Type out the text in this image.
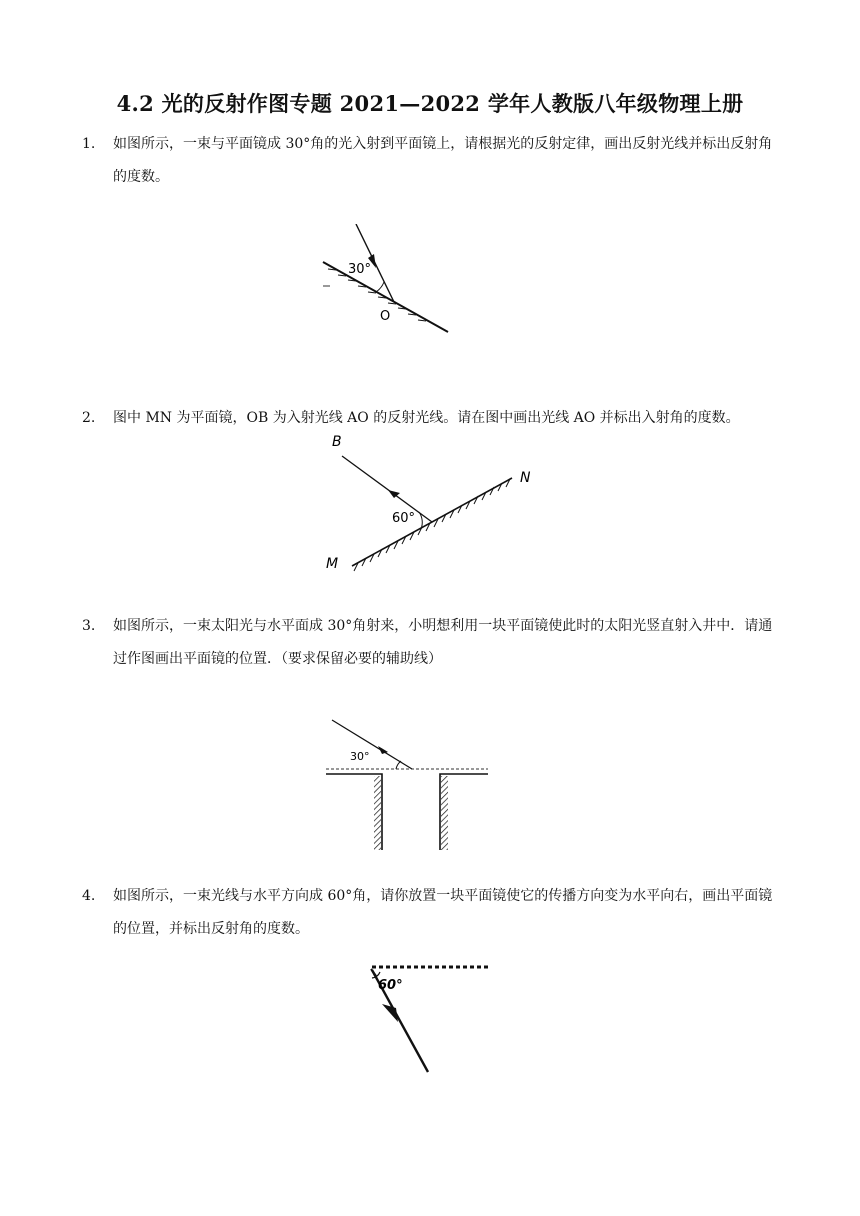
4.2 光的反射作图专题 2021—2022 学年人教版八年级物理上册
1. 如图所示，一束与平面镜成 30°角的光入射到平面镜上，请根据光的反射定律，画出反射光线并标出反射角的度数。
30°
O
2. 图中 MN 为平面镜，OB 为入射光线 AO 的反射光线。请在图中画出光线 AO 并标出入射角的度数。
60°
B
N
M
3. 如图所示，一束太阳光与水平面成 30°角射来，小明想利用一块平面镜使此时的太阳光竖直射入井中．请通过作图画出平面镜的位置．（要求保留必要的辅助线）
30°
4. 如图所示，一束光线与水平方向成 60°角，请你放置一块平面镜使它的传播方向变为水平向右，画出平面镜的位置，并标出反射角的度数。
60°
